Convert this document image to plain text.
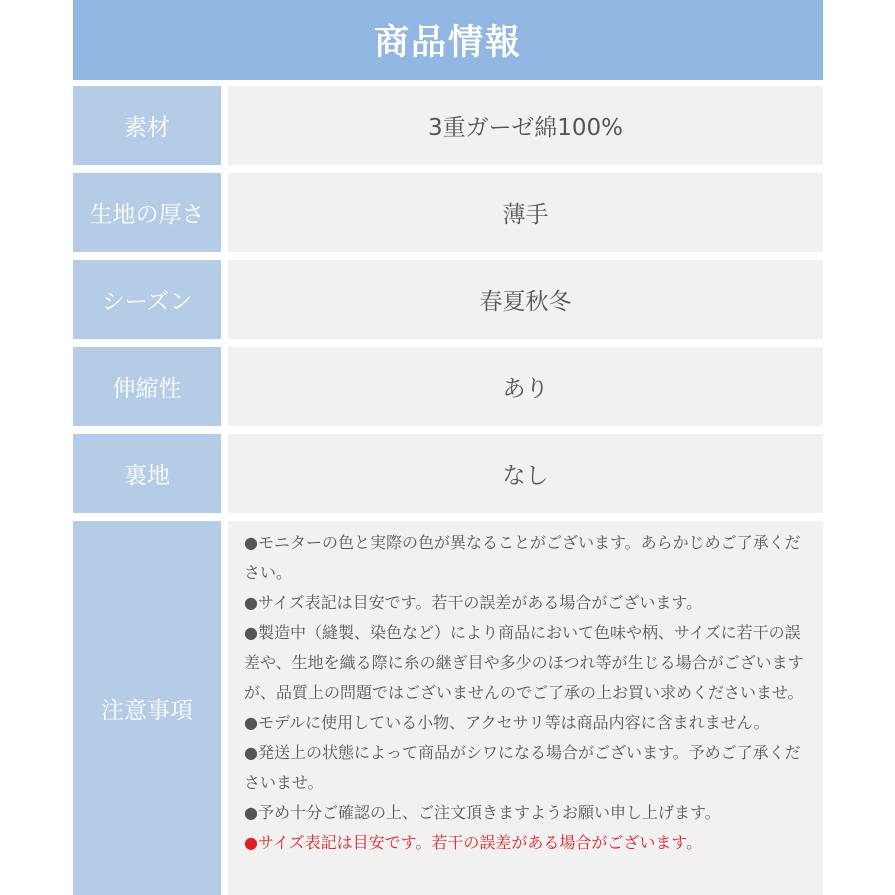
商品情報
素材	3重ガーゼ綿100%
生地の厚さ	薄手
シーズン	春夏秋冬
伸縮性	あり
裏地	なし
注意事項

●モニターの色と実際の色が異なることがございます。あらかじめご了承ください。

●サイズ表記は目安です。若干の誤差がある場合がございます。

●製造中（縫製、染色など）により商品において色味や柄、サイズに若干の誤差や、生地を織る際に糸の継ぎ目や多少のほつれ等が生じる場合がございますが、品質上の問題ではございませんのでご了承の上お買い求めくださいませ。

●モデルに使用している小物、アクセサリ等は商品内容に含まれません。

●発送上の状態によって商品がシワになる場合がございます。予めご了承くださいませ。

●予め十分ご確認の上、ご注文頂きますようお願い申し上げます。

●サイズ表記は目安です。若干の誤差がある場合がございます。
